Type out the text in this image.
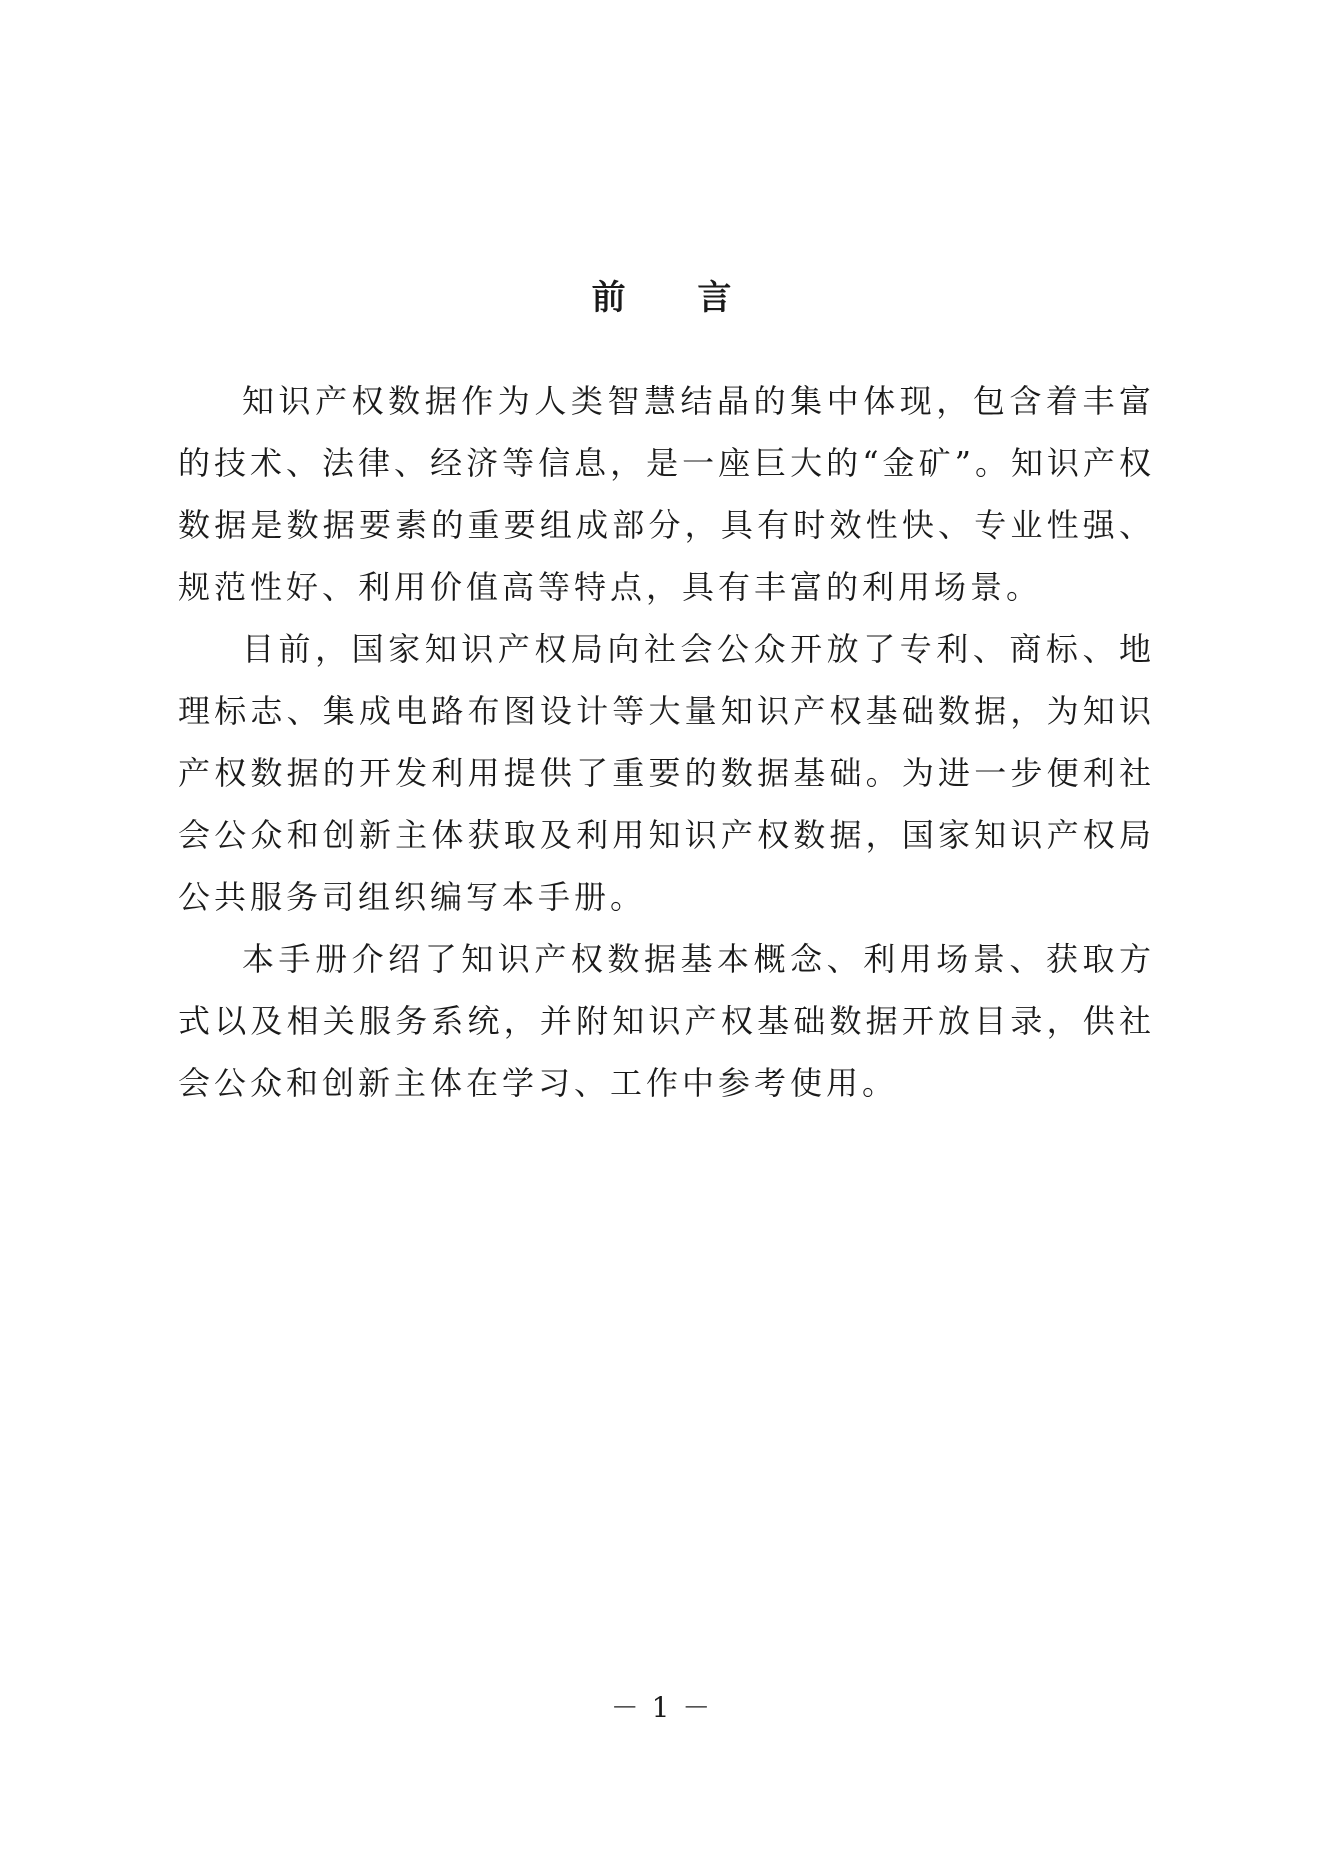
前 言

知识产权数据作为人类智慧结晶的集中体现，包含着丰富的技术、法律、经济等信息，是一座巨大的“金矿”。知识产权数据是数据要素的重要组成部分，具有时效性快、专业性强、规范性好、利用价值高等特点，具有丰富的利用场景。

目前，国家知识产权局向社会公众开放了专利、商标、地理标志、集成电路布图设计等大量知识产权基础数据，为知识产权数据的开发利用提供了重要的数据基础。为进一步便利社会公众和创新主体获取及利用知识产权数据，国家知识产权局公共服务司组织编写本手册。

本手册介绍了知识产权数据基本概念、利用场景、获取方式以及相关服务系统，并附知识产权基础数据开放目录，供社会公众和创新主体在学习、工作中参考使用。

－ 1 －
